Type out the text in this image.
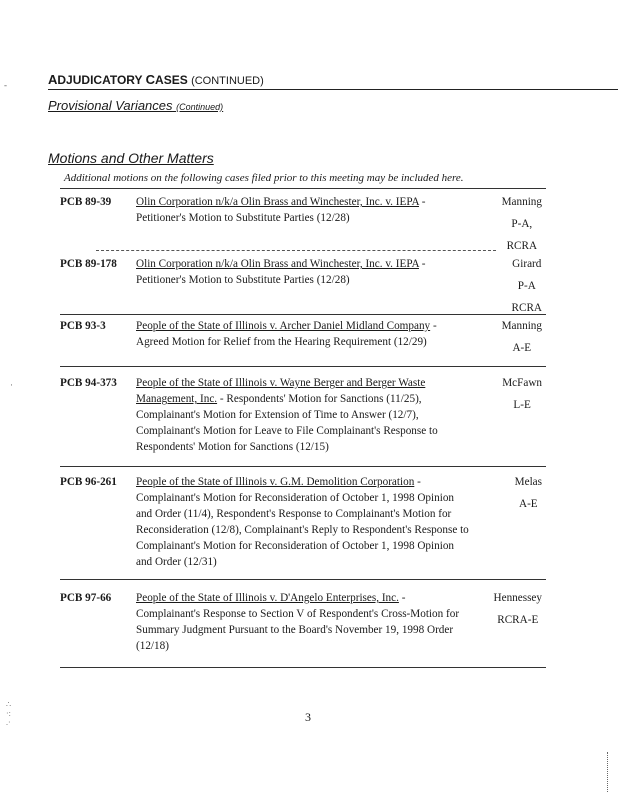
-
·
ADJUDICATORY CASES (CONTINUED)
Provisional Variances (Continued)
Motions and Other Matters
Additional motions on the following cases filed prior to this meeting may be included here.
PCB 89-39 Olin Corporation n/k/a Olin Brass and Winchester, Inc. v. IEPA - Petitioner's Motion to Substitute Parties (12/28)
Manning
P-A,
RCRA
PCB 89-178 Olin Corporation n/k/a Olin Brass and Winchester, Inc. v. IEPA - Petitioner's Motion to Substitute Parties (12/28)
Girard
P-A
RCRA
PCB 93-3	People of the State of Illinois v. Archer Daniel Midland Company - Agreed Motion for Relief from the Hearing Requirement (12/29)
Manning
A-E
PCB 94-373 People of the State of Illinois v. Wayne Berger and Berger Waste Management, Inc. - Respondents' Motion for Sanctions (11/25), Complainant's Motion for Extension of Time to Answer (12/7), Complainant's Motion for Leave to File Complainant's Response to Respondents' Motion for Sanctions (12/15)
McFawn
L-E
PCB 96-261 People of the State of Illinois v. G.M. Demolition Corporation - Complainant's Motion for Reconsideration of October 1, 1998 Opinion and Order (11/4), Respondent's Response to Complainant's Motion for Reconsideration (12/8), Complainant's Reply to Respondent's Response to Complainant's Motion for Reconsideration of October 1, 1998 Opinion and Order (12/31)
Melas
A-E
PCB 97-66 People of the State of Illinois v. D'Angelo Enterprises, Inc. - Complainant's Response to Section V of Respondent's Cross-Motion for Summary Judgment Pursuant to the Board's November 19, 1998 Order (12/18)
Hennessey
RCRA-E
∴
·:
.·	3
